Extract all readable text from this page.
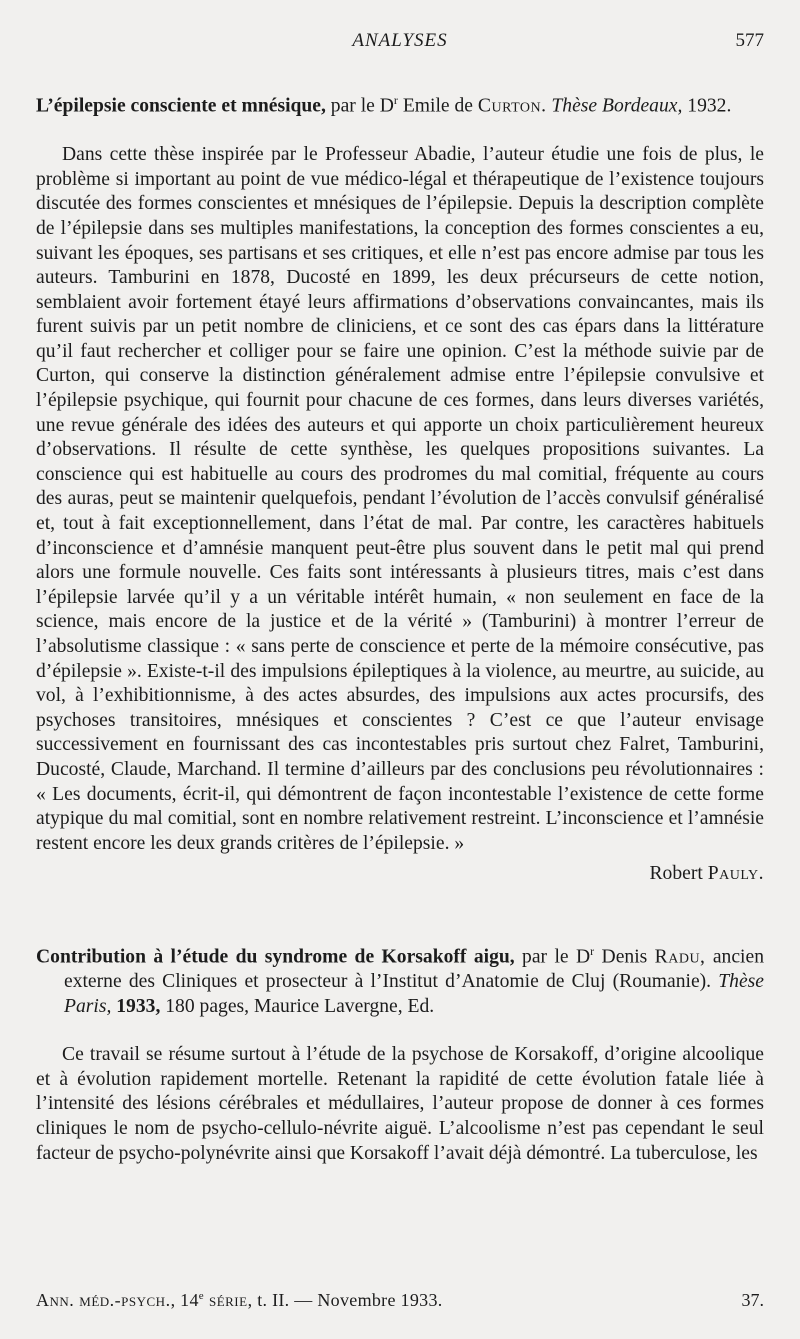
ANALYSES	577

L’épilepsie consciente et mnésique, par le $D^r$ Emile de Curton. Thèse Bordeaux, 1932.

Dans cette thèse inspirée par le Professeur Abadie, l’auteur étudie une fois de plus, le problème si important au point de vue médico-légal et thérapeutique de l’existence toujours discutée des formes conscientes et mnésiques de l’épilepsie. Depuis la description complète de l’épilepsie dans ses multiples manifestations, la conception des formes conscientes a eu, suivant les époques, ses partisans et ses critiques, et elle n’est pas encore admise par tous les auteurs. Tamburini en 1878, Ducosté en 1899, les deux précurseurs de cette notion, semblaient avoir fortement étayé leurs affirmations d’observations convaincantes, mais ils furent suivis par un petit nombre de cliniciens, et ce sont des cas épars dans la littérature qu’il faut rechercher et colliger pour se faire une opinion. C’est la méthode suivie par de Curton, qui conserve la distinction généralement admise entre l’épilepsie convulsive et l’épilepsie psychique, qui fournit pour chacune de ces formes, dans leurs diverses variétés, une revue générale des idées des auteurs et qui apporte un choix particulièrement heureux d’observations. Il résulte de cette synthèse, les quelques propositions suivantes. La conscience qui est habituelle au cours des prodromes du mal comitial, fréquente au cours des auras, peut se maintenir quelquefois, pendant l’évolution de l’accès convulsif généralisé et, tout à fait exceptionnellement, dans l’état de mal. Par contre, les caractères habituels d’inconscience et d’amnésie manquent peut-être plus souvent dans le petit mal qui prend alors une formule nouvelle. Ces faits sont intéressants à plusieurs titres, mais c’est dans l’épilepsie larvée qu’il y a un véritable intérêt humain, « non seulement en face de la science, mais encore de la justice et de la vérité » (Tamburini) à montrer l’erreur de l’absolutisme classique : « sans perte de conscience et perte de la mémoire consécutive, pas d’épilepsie ». Existe-t-il des impulsions épileptiques à la violence, au meurtre, au suicide, au vol, à l’exhibitionnisme, à des actes absurdes, des impulsions aux actes procursifs, des psychoses transitoires, mnésiques et conscientes ? C’est ce que l’auteur envisage successivement en fournissant des cas incontestables pris surtout chez Falret, Tamburini, Ducosté, Claude, Marchand. Il termine d’ailleurs par des conclusions peu révolutionnaires : « Les documents, écrit-il, qui démontrent de façon incontestable l’existence de cette forme atypique du mal comitial, sont en nombre relativement restreint. L’inconscience et l’amnésie restent encore les deux grands critères de l’épilepsie. »

Robert Pauly.

Contribution à l’étude du syndrome de Korsakoff aigu, par le $D^r$ Denis Radu, ancien externe des Cliniques et prosecteur à l’Institut d’Anatomie de Cluj (Roumanie). Thèse Paris, 1933, 180 pages, Maurice Lavergne, Ed.

Ce travail se résume surtout à l’étude de la psychose de Korsakoff, d’origine alcoolique et à évolution rapidement mortelle. Retenant la rapidité de cette évolution fatale liée à l’intensité des lésions cérébrales et médullaires, l’auteur propose de donner à ces formes cliniques le nom de psycho-cellulo-névrite aiguë. L’alcoolisme n’est pas cependant le seul facteur de psycho-polynévrite ainsi que Korsakoff l’avait déjà démontré. La tuberculose, les

Ann. méd.-psych., 14e série, t. II. — Novembre 1933.	37.
